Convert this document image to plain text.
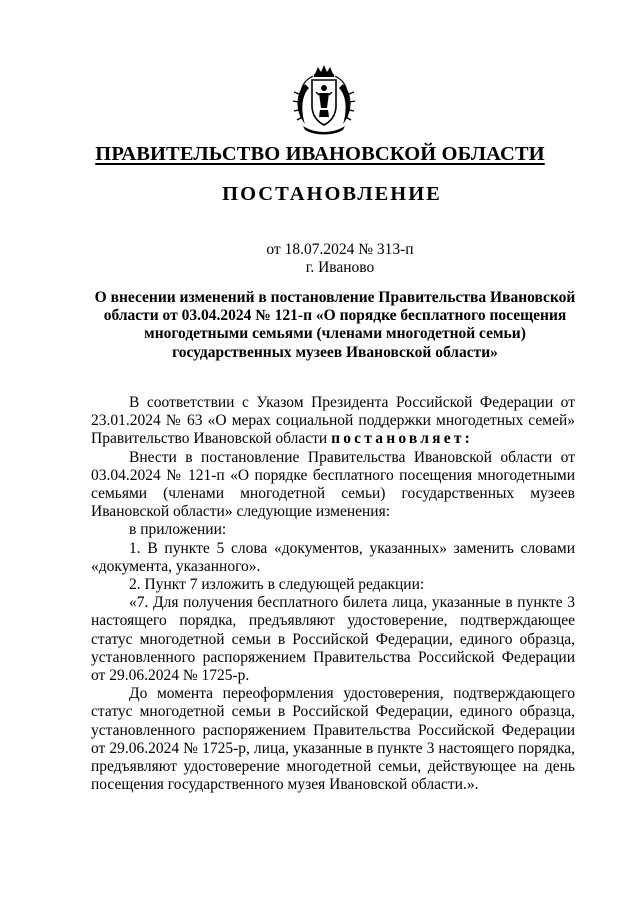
ПРАВИТЕЛЬСТВО ИВАНОВСКОЙ ОБЛАСТИ
ПОСТАНОВЛЕНИЕ
от 18.07.2024 № 313-п
г. Иваново
О внесении изменений в постановление Правительства Ивановской области от 03.04.2024 № 121-п «О порядке бесплатного посещения многодетными семьями (членами многодетной семьи) государственных музеев Ивановской области»

В соответствии с Указом Президента Российской Федерации от 23.01.2024 № 63 «О мерах социальной поддержки многодетных семей» Правительство Ивановской области постановляет:

Внести в постановление Правительства Ивановской области от 03.04.2024 № 121-п «О порядке бесплатного посещения многодетными семьями (членами многодетной семьи) государственных музеев Ивановской области» следующие изменения:

в приложении:

1. В пункте 5 слова «документов, указанных» заменить словами «документа, указанного».

2. Пункт 7 изложить в следующей редакции:

«7. Для получения бесплатного билета лица, указанные в пункте 3 настоящего порядка, предъявляют удостоверение, подтверждающее статус многодетной семьи в Российской Федерации, единого образца, установленного распоряжением Правительства Российской Федерации от 29.06.2024 № 1725-р.

До момента переоформления удостоверения, подтверждающего статус многодетной семьи в Российской Федерации, единого образца, установленного распоряжением Правительства Российской Федерации от 29.06.2024 № 1725-р, лица, указанные в пункте 3 настоящего порядка, предъявляют удостоверение многодетной семьи, действующее на день посещения государственного музея Ивановской области.».
